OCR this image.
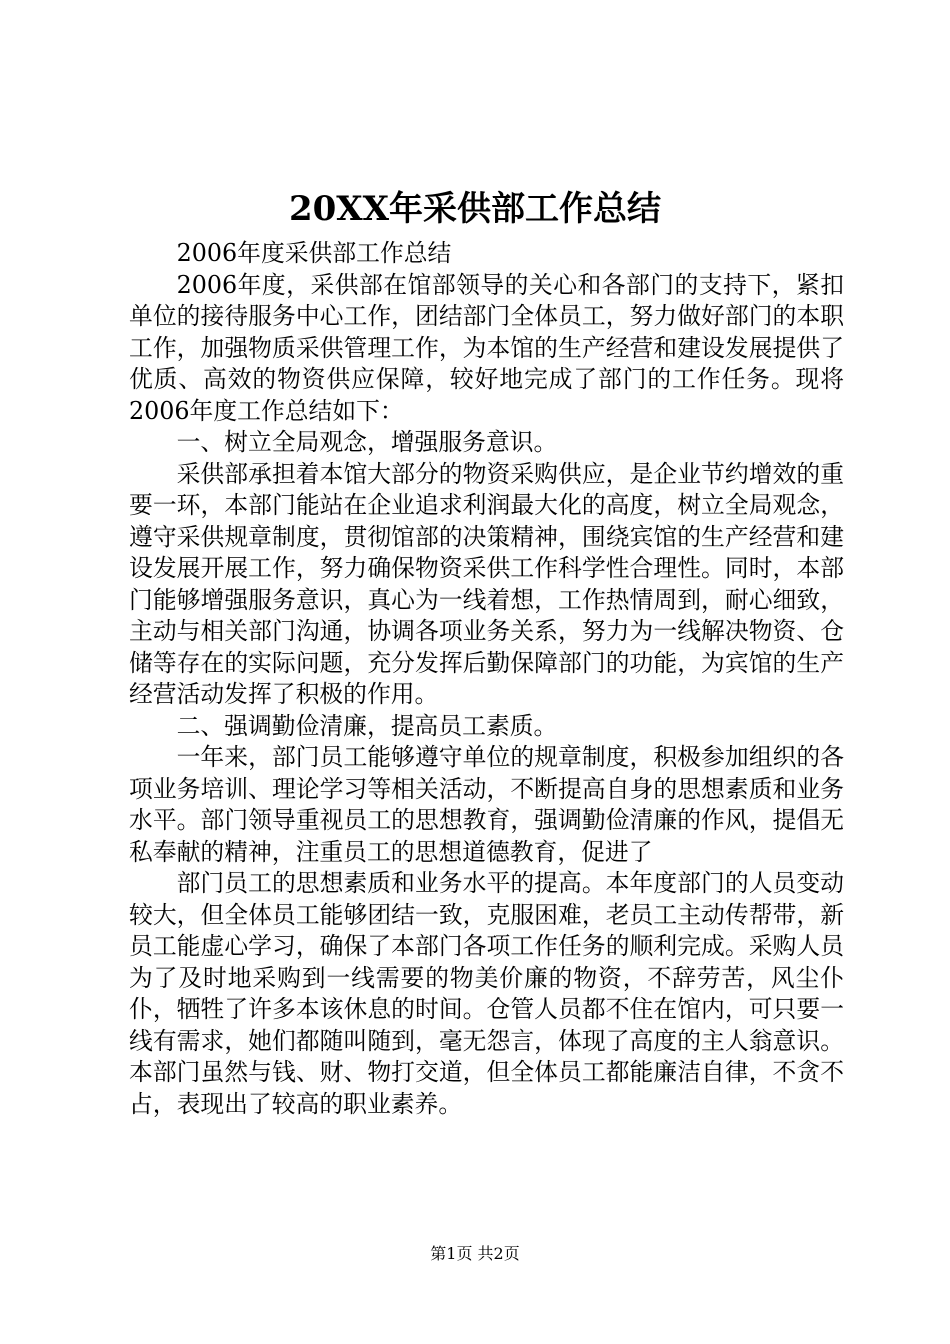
20XX年采供部工作总结

2006年度采供部工作总结

2006年度，采供部在馆部领导的关心和各部门的支持下，紧扣单位的接待服务中心工作，团结部门全体员工，努力做好部门的本职工作，加强物质采供管理工作，为本馆的生产经营和建设发展提供了优质、高效的物资供应保障，较好地完成了部门的工作任务。现将2006年度工作总结如下：

一、树立全局观念，增强服务意识。

采供部承担着本馆大部分的物资采购供应，是企业节约增效的重要一环，本部门能站在企业追求利润最大化的高度，树立全局观念，遵守采供规章制度，贯彻馆部的决策精神，围绕宾馆的生产经营和建设发展开展工作，努力确保物资采供工作科学性合理性。同时，本部门能够增强服务意识，真心为一线着想，工作热情周到，耐心细致，主动与相关部门沟通，协调各项业务关系，努力为一线解决物资、仓储等存在的实际问题，充分发挥后勤保障部门的功能，为宾馆的生产经营活动发挥了积极的作用。

二、强调勤俭清廉，提高员工素质。

一年来，部门员工能够遵守单位的规章制度，积极参加组织的各项业务培训、理论学习等相关活动，不断提高自身的思想素质和业务水平。部门领导重视员工的思想教育，强调勤俭清廉的作风，提倡无私奉献的精神，注重员工的思想道德教育，促进了

部门员工的思想素质和业务水平的提高。本年度部门的人员变动较大，但全体员工能够团结一致，克服困难，老员工主动传帮带，新员工能虚心学习，确保了本部门各项工作任务的顺利完成。采购人员为了及时地采购到一线需要的物美价廉的物资，不辞劳苦，风尘仆仆，牺牲了许多本该休息的时间。仓管人员都不住在馆内，可只要一线有需求，她们都随叫随到，毫无怨言，体现了高度的主人翁意识。本部门虽然与钱、财、物打交道，但全体员工都能廉洁自律，不贪不占，表现出了较高的职业素养。

第1页 共2页
